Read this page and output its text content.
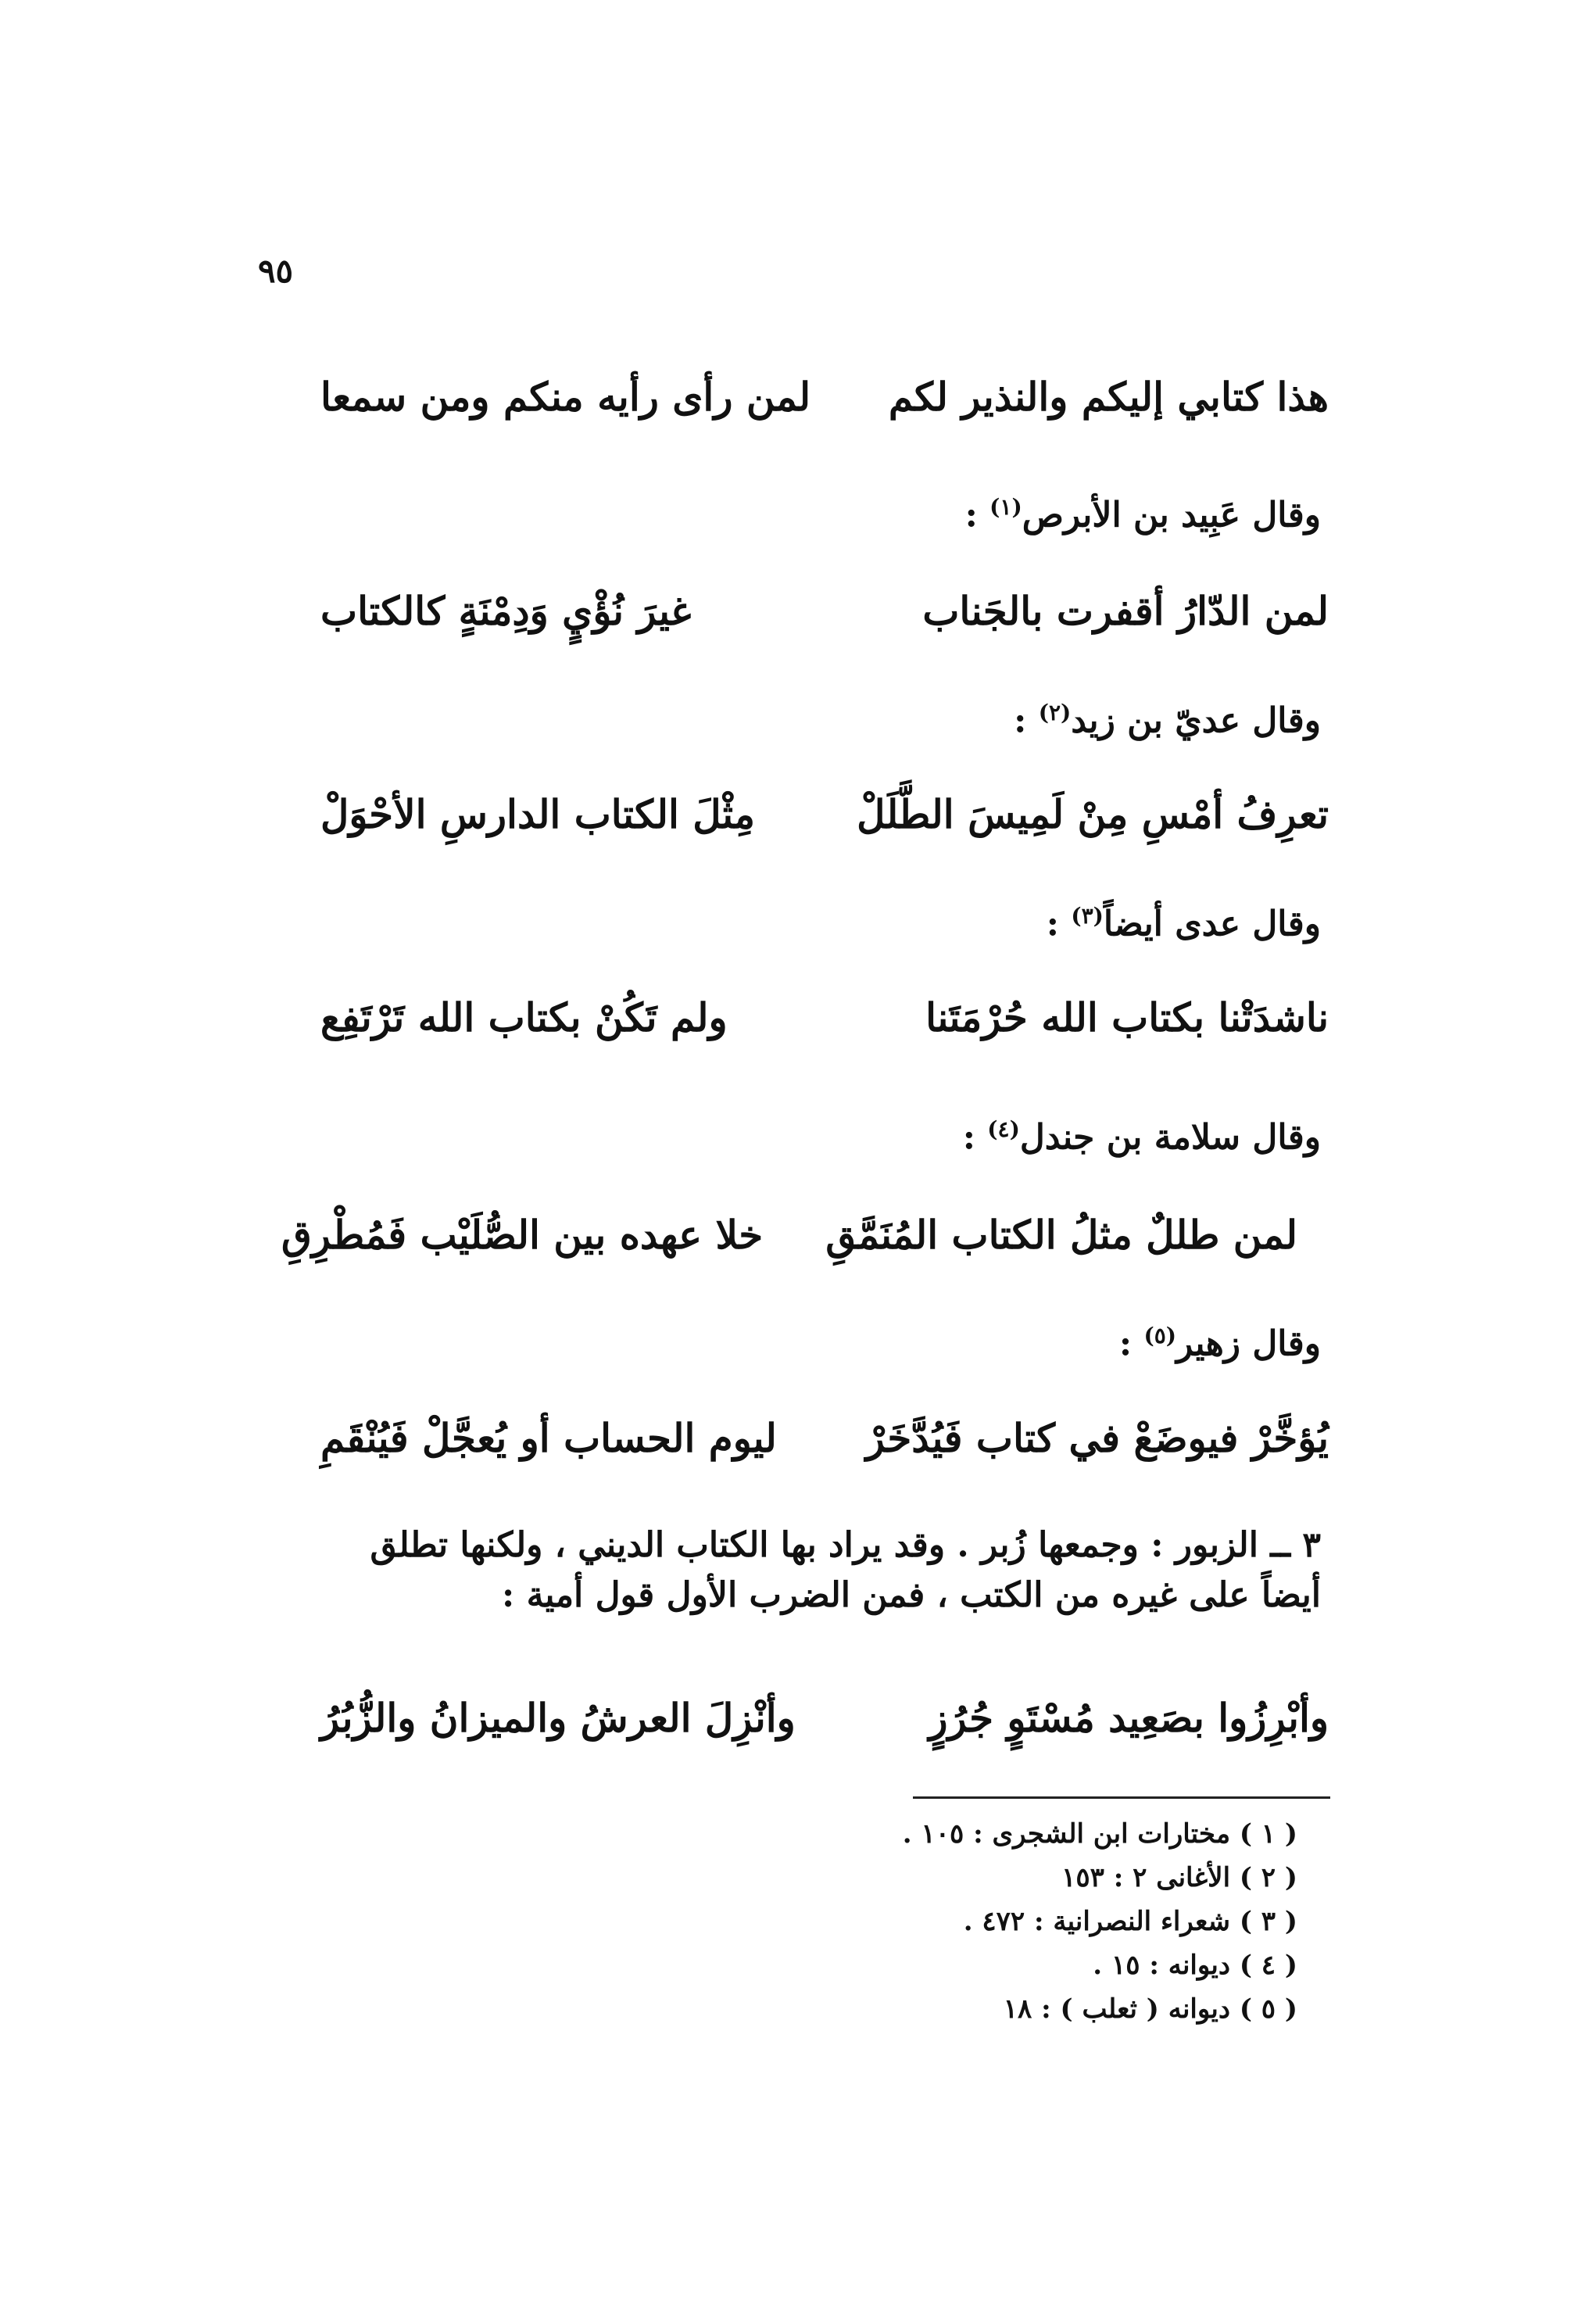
٩٥
هذا كتابي إليكم والنذير لكم
لمن رأى رأيه منكم ومن سمعا
وقال عَبِيد بن الأبرص$^{(١)}$ :
لمن الدّارُ أقفرت بالجَناب
غيرَ نُؤْيٍ وَدِمْنَةٍ كالكتاب
وقال عديّ بن زيد$^{(٢)}$ :
تعرِفُ أمْسِ مِنْ لَمِيسَ الطَّلَلْ
مِثْلَ الكتاب الدارسِ الأحْوَلْ
وقال عدى أيضاً$^{(٣)}$ :
ناشدَتْنا بكتاب الله حُرْمَتَنا
ولم تَكُنْ بكتاب الله تَرْتَفِع
وقال سلامة بن جندل$^{(٤)}$ :
لمن طللٌ مثلُ الكتاب المُنَمَّقِ
خلا عهده بين الصُّلَيْب فَمُطْرِقِ
وقال زهير$^{(٥)}$ :
يُؤخَّرْ فيوضَعْ في كتاب فَيُدَّخَرْ
ليوم الحساب أو يُعجَّلْ فَيُنْقَمِ

٣ ــ الزبور : وجمعها زُبر . وقد يراد بها الكتاب الديني ، ولكنها تطلق

أيضاً على غيره من الكتب ، فمن الضرب الأول قول أمية :

وأبْرِزُوا بصَعِيد مُسْتَوٍ جُرُزٍ
وأنْزِلَ العرشُ والميزانُ والزُّبُرُ
( ١ ) مختارات ابن الشجرى : ١٠٥ .
( ٢ ) الأغانى ٢ : ١٥٣
( ٣ ) شعراء النصرانية : ٤٧٢ .
( ٤ ) ديوانه : ١٥ .
( ٥ ) ديوانه ( ثعلب ) : ١٨
